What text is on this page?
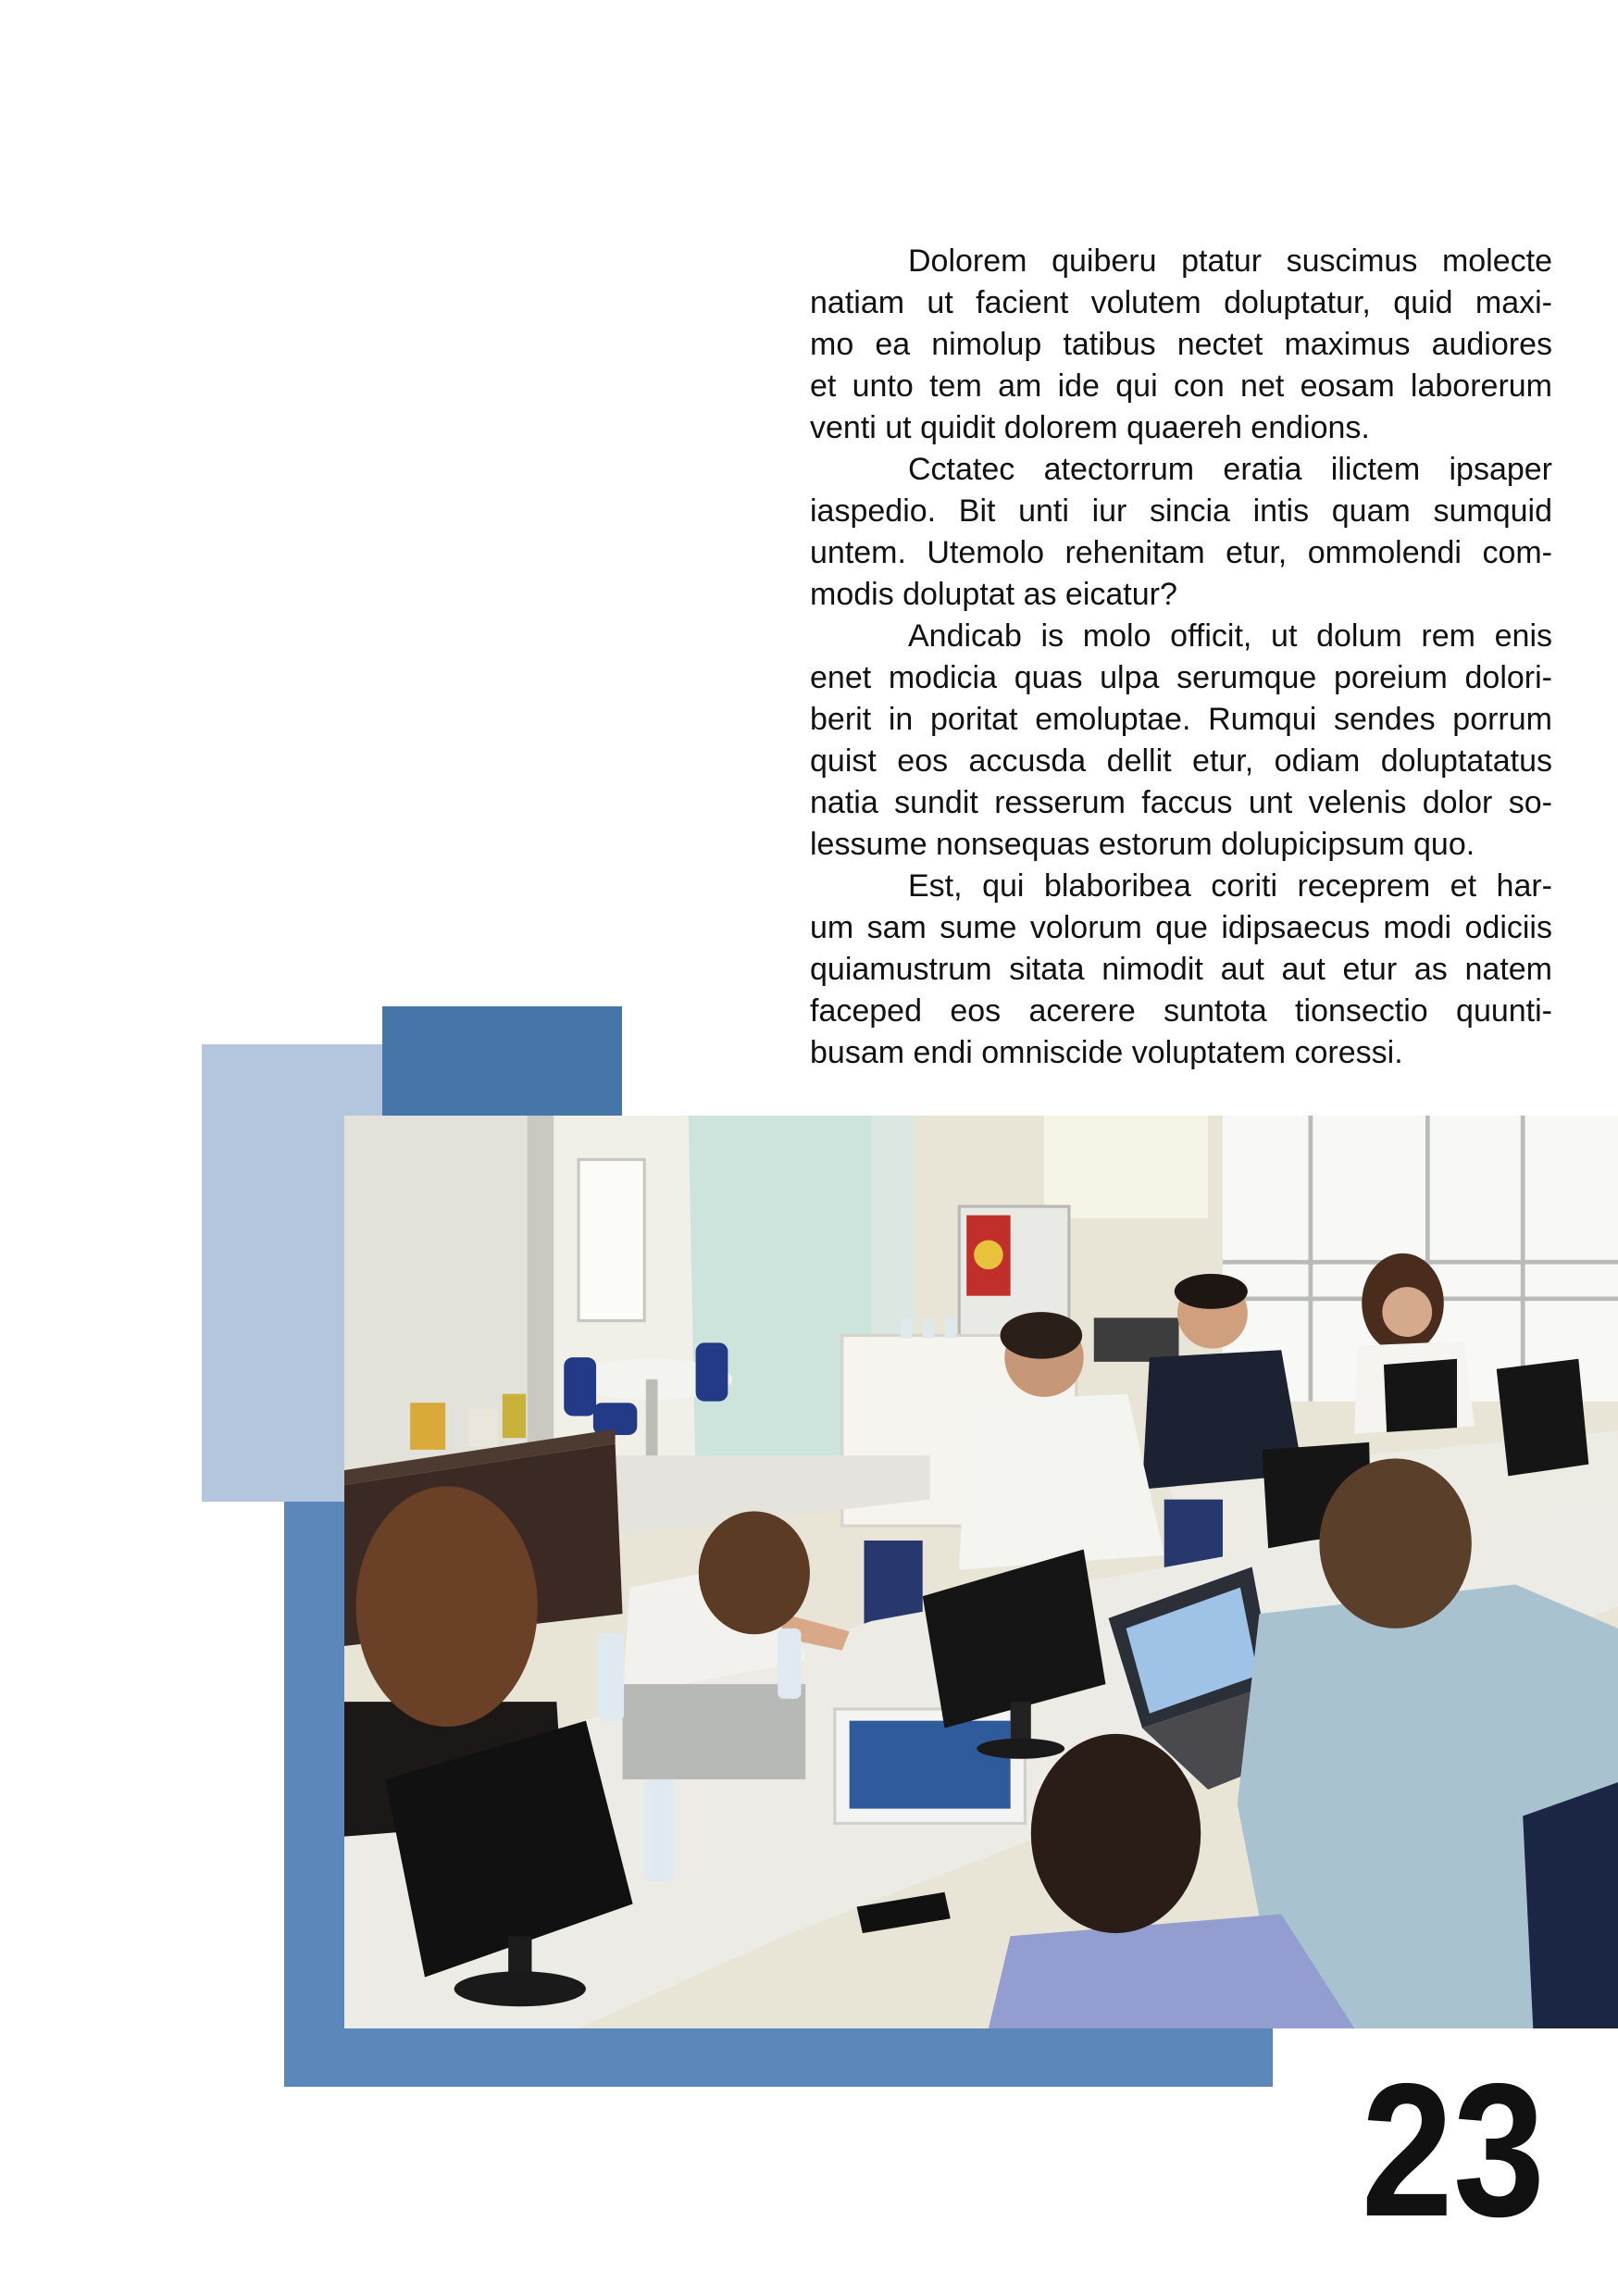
Dolorem quiberu ptatur suscimus molecte
natiam ut facient volutem doluptatur, quid maxi-
mo ea nimolup tatibus nectet maximus audiores
et unto tem am ide qui con net eosam laborerum
venti ut quidit dolorem quaereh endions.
Cctatec atectorrum eratia ilictem ipsaper
iaspedio. Bit unti iur sincia intis quam sumquid
untem. Utemolo rehenitam etur, ommolendi com-
modis doluptat as eicatur?
Andicab is molo officit, ut dolum rem enis
enet modicia quas ulpa serumque poreium dolori-
berit in poritat emoluptae. Rumqui sendes porrum
quist eos accusda dellit etur, odiam doluptatatus
natia sundit resserum faccus unt velenis dolor so-
lessume nonsequas estorum dolupicipsum quo.
Est, qui blaboribea coriti receprem et har-
um sam sume volorum que idipsaecus modi odiciis
quiamustrum sitata nimodit aut aut etur as natem
faceped eos acerere suntota tionsectio quunti-
busam endi omniscide voluptatem coressi.
23
